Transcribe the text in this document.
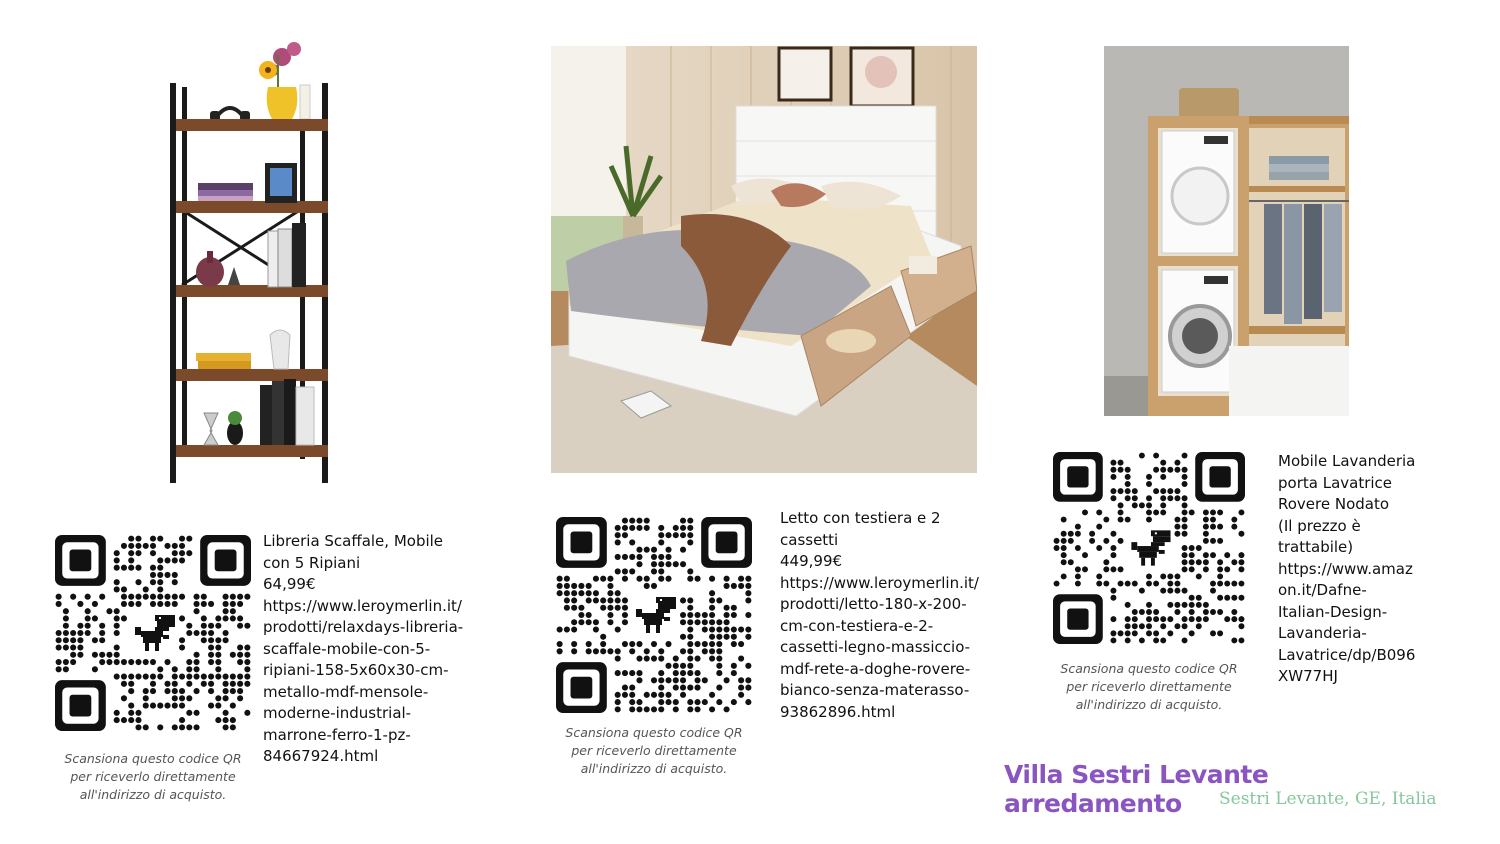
Scansiona questo codice QR
per riceverlo direttamente
all'indirizzo di acquisto.
Libreria Scaffale, Mobile
con 5 Ripiani
64,99€
https://www.leroymerlin.it/
prodotti/relaxdays-libreria-
scaffale-mobile-con-5-
ripiani-158-5x60x30-cm-
metallo-mdf-mensole-
moderne-industrial-
marrone-ferro-1-pz-
84667924.html
Scansiona questo codice QR
per riceverlo direttamente
all'indirizzo di acquisto.
Letto con testiera e 2
cassetti
449,99€
https://www.leroymerlin.it/
prodotti/letto-180-x-200-
cm-con-testiera-e-2-
cassetti-legno-massiccio-
mdf-rete-a-doghe-rovere-
bianco-senza-materasso-
93862896.html
Scansiona questo codice QR
per riceverlo direttamente
all'indirizzo di acquisto.
Mobile Lavanderia
porta Lavatrice
Rovere Nodato
(Il prezzo è
trattabile)
https://www.amaz
on.it/Dafne-
Italian-Design-
Lavanderia-
Lavatrice/dp/B096
XW77HJ
Villa Sestri Levante arredamento	Sestri Levante, GE, Italia
